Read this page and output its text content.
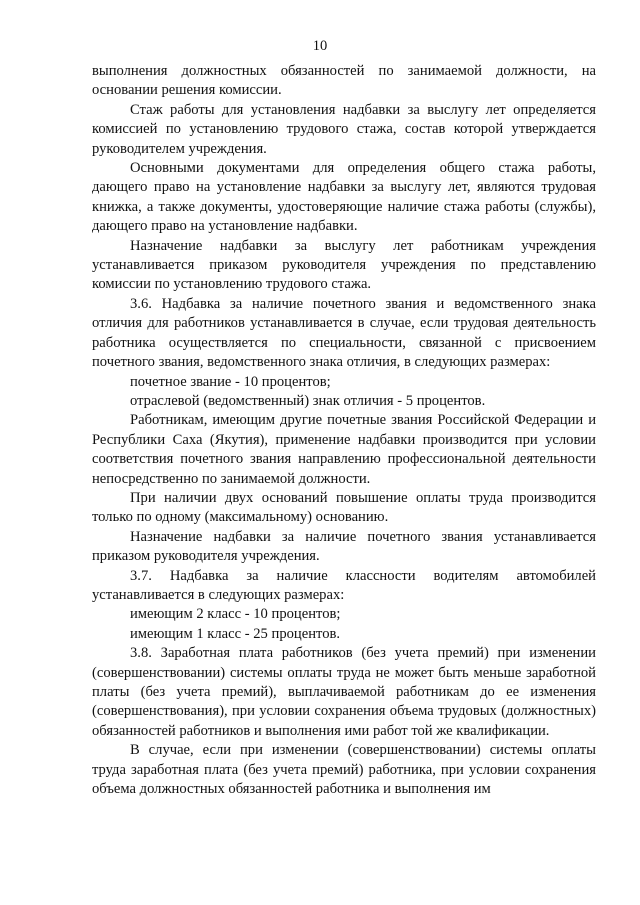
10

выполнения должностных обязанностей по занимаемой должности, на основании решения комиссии.

Стаж работы для установления надбавки за выслугу лет определяется комиссией по установлению трудового стажа, состав которой утверждается руководителем учреждения.

Основными документами для определения общего стажа работы, дающего право на установление надбавки за выслугу лет, являются трудовая книжка, а также документы, удостоверяющие наличие стажа работы (службы), дающего право на установление надбавки.

Назначение надбавки за выслугу лет работникам учреждения устанавливается приказом руководителя учреждения по представлению комиссии по установлению трудового стажа.

3.6. Надбавка за наличие почетного звания и ведомственного знака отличия для работников устанавливается в случае, если трудовая деятельность работника осуществляется по специальности, связанной с присвоением почетного звания, ведомственного знака отличия, в следующих размерах:

почетное звание - 10 процентов;

отраслевой (ведомственный) знак отличия - 5 процентов.

Работникам, имеющим другие почетные звания Российской Федерации и Республики Саха (Якутия), применение надбавки производится при условии соответствия почетного звания направлению профессиональной деятельности непосредственно по занимаемой должности.

При наличии двух оснований повышение оплаты труда производится только по одному (максимальному) основанию.

Назначение надбавки за наличие почетного звания устанавливается приказом руководителя учреждения.

3.7. Надбавка за наличие классности водителям автомобилей устанавливается в следующих размерах:

имеющим 2 класс - 10 процентов;

имеющим 1 класс - 25 процентов.

3.8. Заработная плата работников (без учета премий) при изменении (совершенствовании) системы оплаты труда не может быть меньше заработной платы (без учета премий), выплачиваемой работникам до ее изменения (совершенствования), при условии сохранения объема трудовых (должностных) обязанностей работников и выполнения ими работ той же квалификации.

В случае, если при изменении (совершенствовании) системы оплаты труда заработная плата (без учета премий) работника, при условии сохранения объема должностных обязанностей работника и выполнения им
